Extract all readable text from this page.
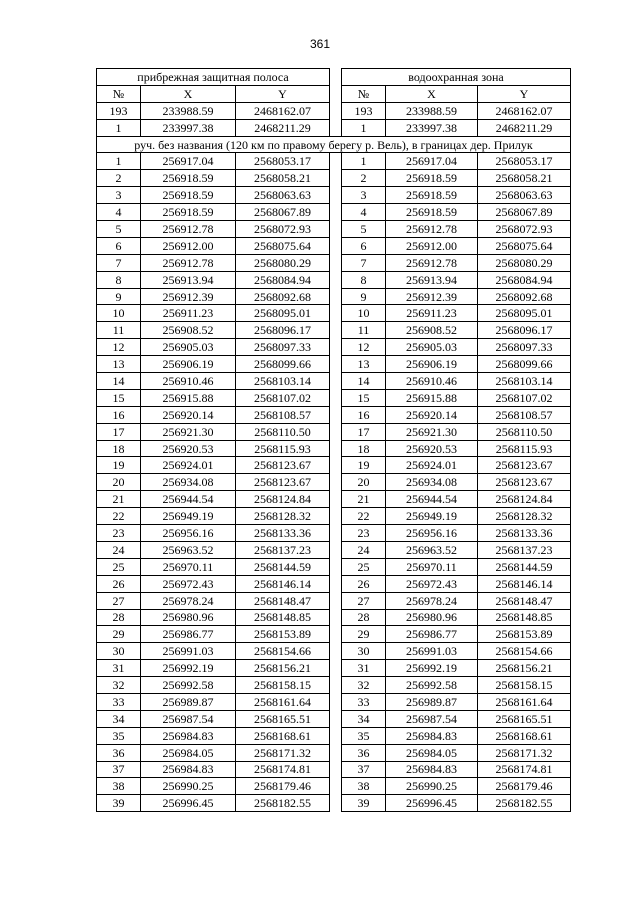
361
прибрежная защитная полоса				водоохранная зона		
№	X	Y		№	X	Y
193	233988.59	2468162.07		193	233988.59	2468162.07
1	233997.38	2468211.29		1	233997.38	2468211.29
руч. без названия (120 км по правому берегу р. Вель), в границах дер. Прилук						
1	256917.04	2568053.17		1	256917.04	2568053.17
2	256918.59	2568058.21		2	256918.59	2568058.21
3	256918.59	2568063.63		3	256918.59	2568063.63
4	256918.59	2568067.89		4	256918.59	2568067.89
5	256912.78	2568072.93		5	256912.78	2568072.93
6	256912.00	2568075.64		6	256912.00	2568075.64
7	256912.78	2568080.29		7	256912.78	2568080.29
8	256913.94	2568084.94		8	256913.94	2568084.94
9	256912.39	2568092.68		9	256912.39	2568092.68
10	256911.23	2568095.01		10	256911.23	2568095.01
11	256908.52	2568096.17		11	256908.52	2568096.17
12	256905.03	2568097.33		12	256905.03	2568097.33
13	256906.19	2568099.66		13	256906.19	2568099.66
14	256910.46	2568103.14		14	256910.46	2568103.14
15	256915.88	2568107.02		15	256915.88	2568107.02
16	256920.14	2568108.57		16	256920.14	2568108.57
17	256921.30	2568110.50		17	256921.30	2568110.50
18	256920.53	2568115.93		18	256920.53	2568115.93
19	256924.01	2568123.67		19	256924.01	2568123.67
20	256934.08	2568123.67		20	256934.08	2568123.67
21	256944.54	2568124.84		21	256944.54	2568124.84
22	256949.19	2568128.32		22	256949.19	2568128.32
23	256956.16	2568133.36		23	256956.16	2568133.36
24	256963.52	2568137.23		24	256963.52	2568137.23
25	256970.11	2568144.59		25	256970.11	2568144.59
26	256972.43	2568146.14		26	256972.43	2568146.14
27	256978.24	2568148.47		27	256978.24	2568148.47
28	256980.96	2568148.85		28	256980.96	2568148.85
29	256986.77	2568153.89		29	256986.77	2568153.89
30	256991.03	2568154.66		30	256991.03	2568154.66
31	256992.19	2568156.21		31	256992.19	2568156.21
32	256992.58	2568158.15		32	256992.58	2568158.15
33	256989.87	2568161.64		33	256989.87	2568161.64
34	256987.54	2568165.51		34	256987.54	2568165.51
35	256984.83	2568168.61		35	256984.83	2568168.61
36	256984.05	2568171.32		36	256984.05	2568171.32
37	256984.83	2568174.81		37	256984.83	2568174.81
38	256990.25	2568179.46		38	256990.25	2568179.46
39	256996.45	2568182.55		39	256996.45	2568182.55
